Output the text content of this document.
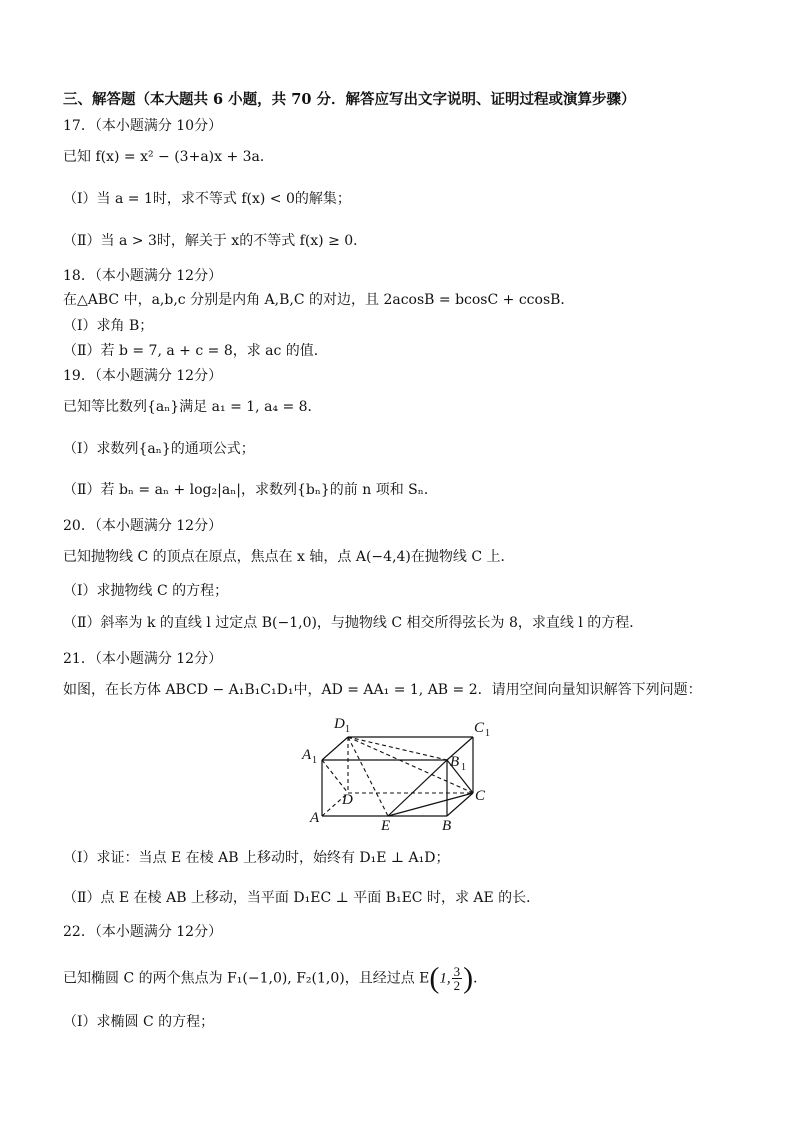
三、解答题（本大题共 6 小题，共 70 分．解答应写出文字说明、证明过程或演算步骤）
17．（本小题满分 10分）
已知 f(x) = x² − (3+a)x + 3a．
（Ⅰ）当 a = 1时，求不等式 f(x) < 0的解集；
（Ⅱ）当 a > 3时，解关于 x的不等式 f(x) ≥ 0．
18．（本小题满分 12分）
在△ABC 中，a,b,c 分别是内角 A,B,C 的对边，且 2acosB = bcosC + ccosB．
（Ⅰ）求角 B；
（Ⅱ）若 b = 7, a + c = 8，求 ac 的值．
19．（本小题满分 12分）
已知等比数列{aₙ}满足 a₁ = 1, a₄ = 8．
（Ⅰ）求数列{aₙ}的通项公式；
（Ⅱ）若 bₙ = aₙ + log₂|aₙ|，求数列{bₙ}的前 n 项和 Sₙ．
20．（本小题满分 12分）
已知抛物线 C 的顶点在原点，焦点在 x 轴，点 A(−4,4)在抛物线 C 上．
（Ⅰ）求抛物线 C 的方程；
（Ⅱ）斜率为 k 的直线 l 过定点 B(−1,0)，与抛物线 C 相交所得弦长为 8，求直线 l 的方程．
21．（本小题满分 12分）
如图，在长方体 ABCD − A₁B₁C₁D₁中，AD = AA₁ = 1, AB = 2．请用空间向量知识解答下列问题：
D 1
A 1
C 1
B 1
D
A	E	B
C
（Ⅰ）求证：当点 E 在棱 AB 上移动时，始终有 D₁E ⊥ A₁D；
（Ⅱ）点 E 在棱 AB 上移动，当平面 D₁EC ⊥ 平面 B₁EC 时，求 AE 的长．
22．（本小题满分 12分）
已知椭圆 C 的两个焦点为 F₁(−1,0), F₂(1,0)，且经过点 E(1, $\frac{3}{2}$ )．
（Ⅰ）求椭圆 C 的方程；
